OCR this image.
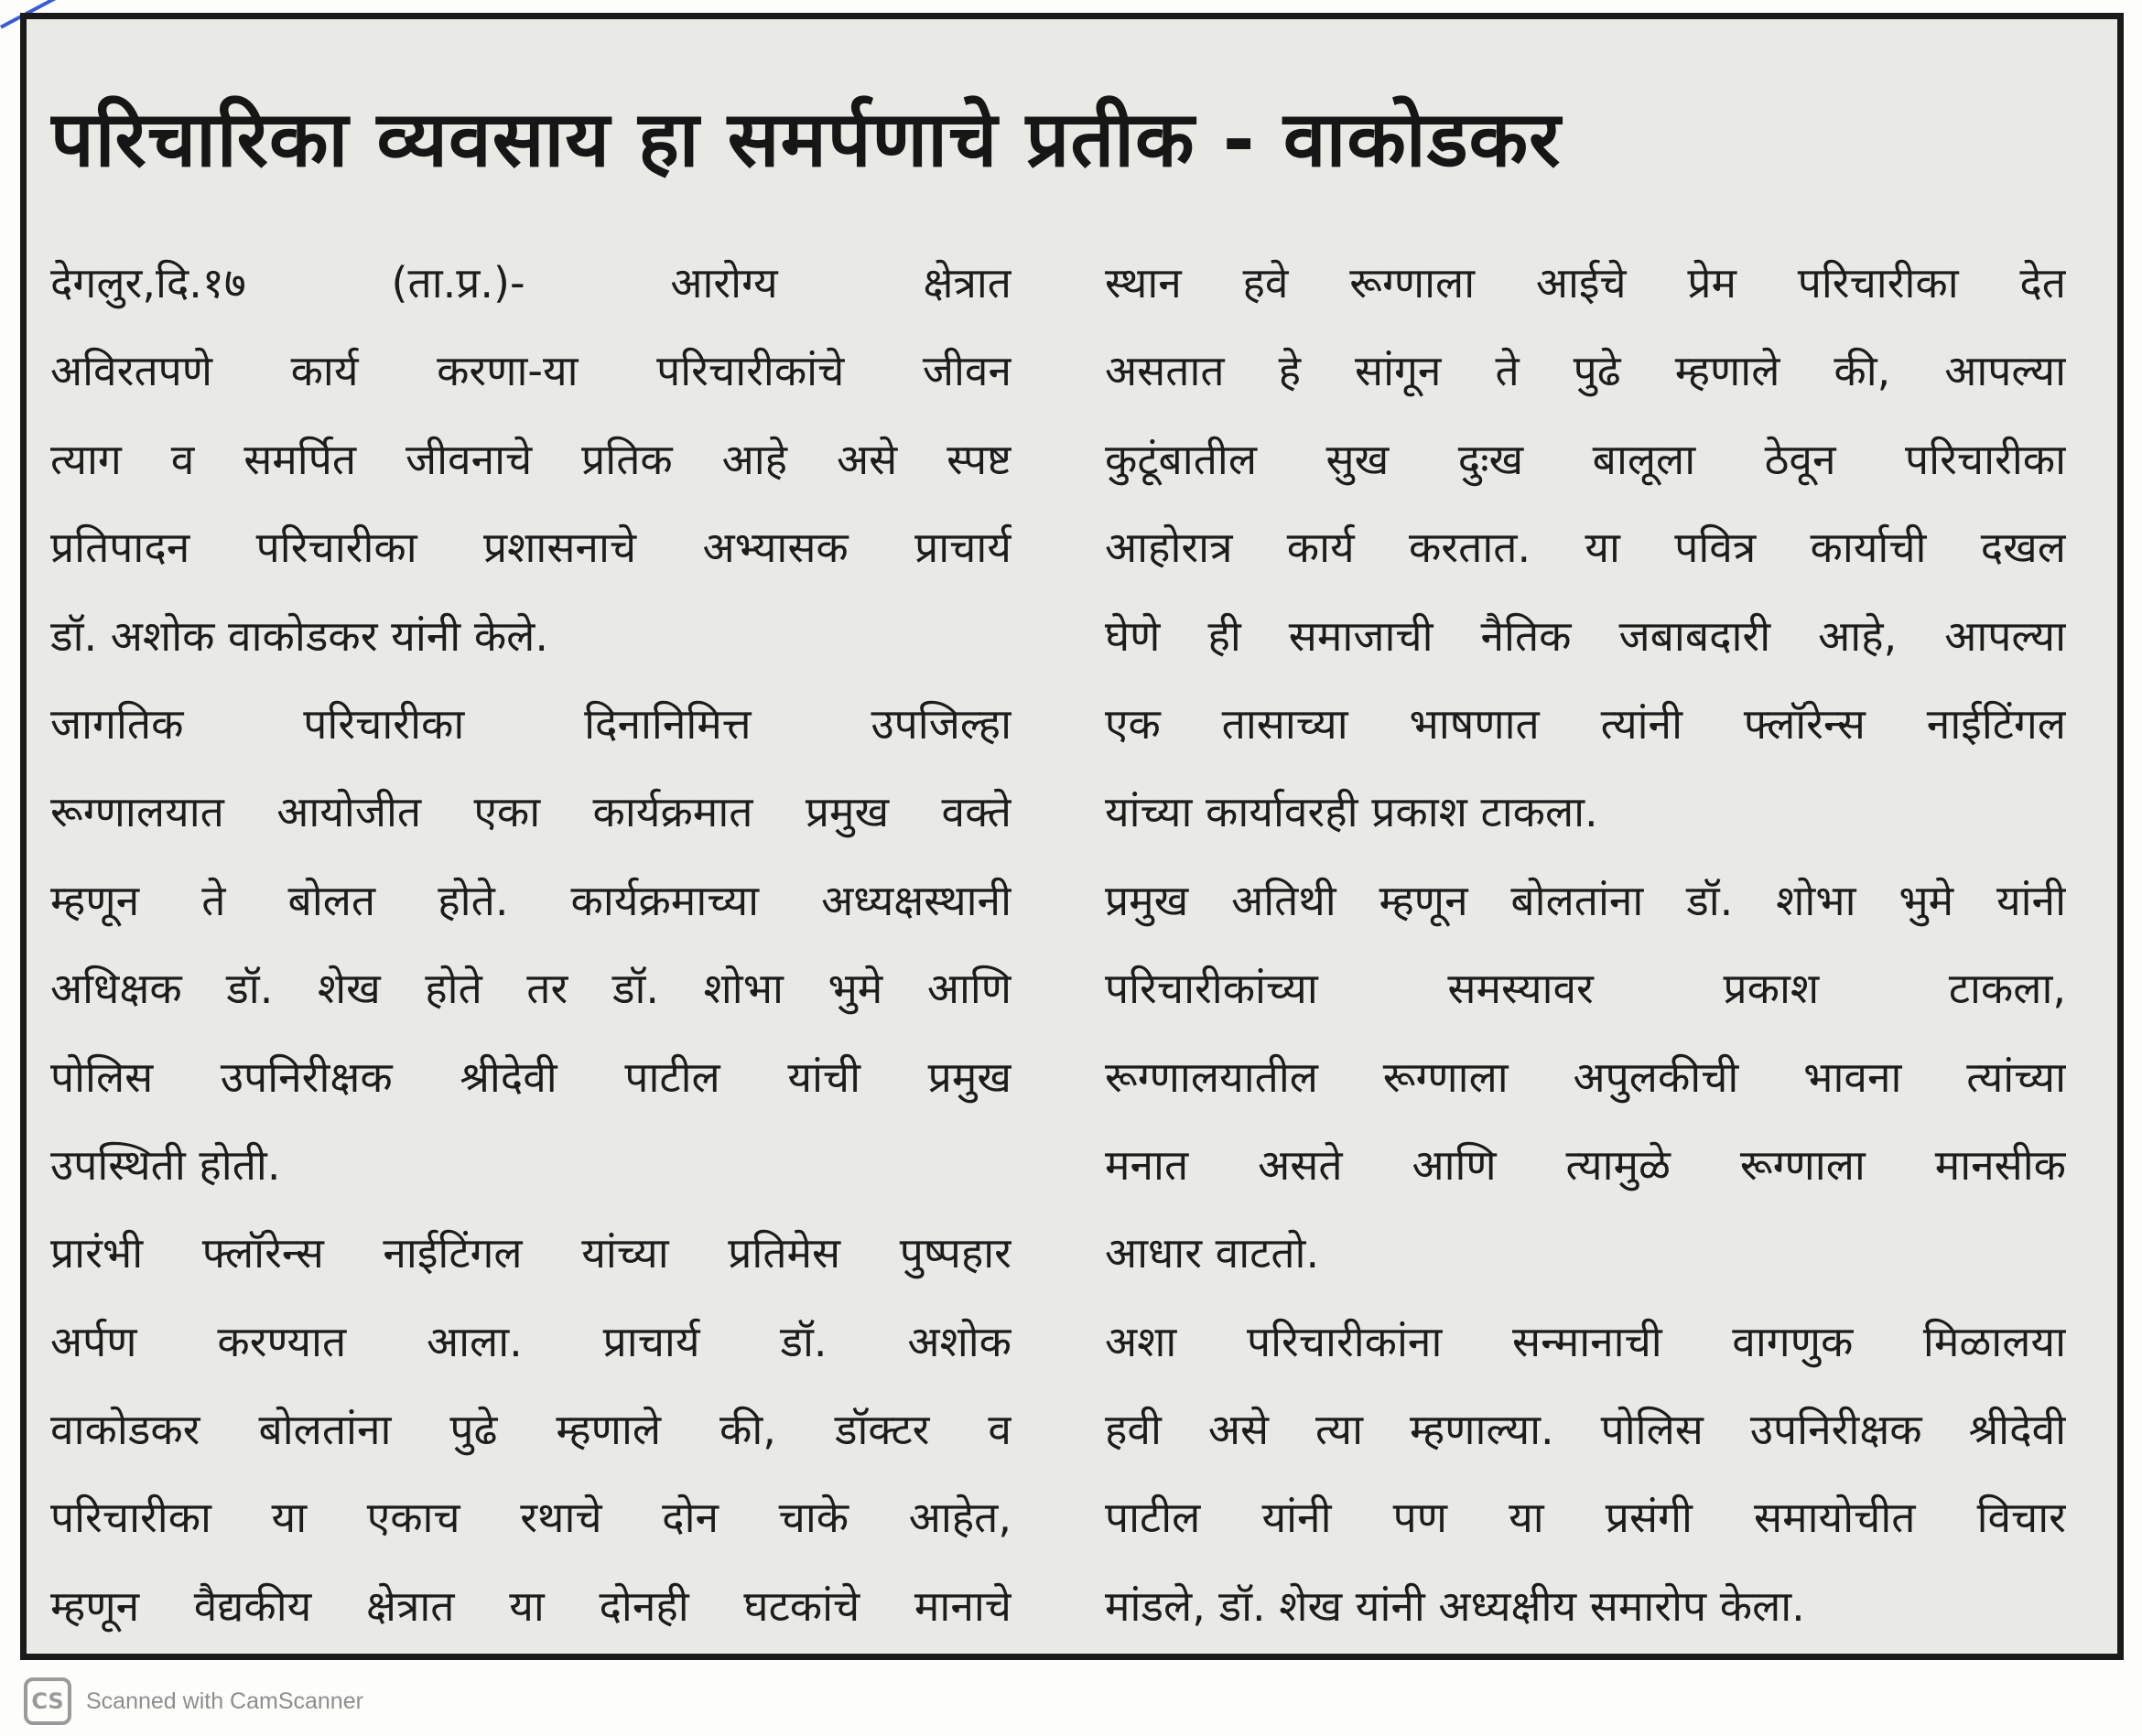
परिचारिका व्यवसाय हा समर्पणाचे प्रतीक - वाकोडकर
देगलुर,दि.१७ (ता.प्र.)- आरोग्य क्षेत्रात
अविरतपणे कार्य करणा-या परिचारीकांचे जीवन
त्याग व समर्पित जीवनाचे प्रतिक आहे असे स्पष्ट
प्रतिपादन परिचारीका प्रशासनाचे अभ्यासक प्राचार्य
डॉ. अशोक वाकोडकर यांनी केले.
जागतिक परिचारीका दिनानिमित्त उपजिल्हा
रूग्णालयात आयोजीत एका कार्यक्रमात प्रमुख वक्ते
म्हणून ते बोलत होते. कार्यक्रमाच्या अध्यक्षस्थानी
अधिक्षक डॉ. शेख होते तर डॉ. शोभा भुमे आणि
पोलिस उपनिरीक्षक श्रीदेवी पाटील यांची प्रमुख
उपस्थिती होती.
प्रारंभी फ्लॉरेन्स नाईटिंगल यांच्या प्रतिमेस पुष्पहार
अर्पण करण्यात आला. प्राचार्य डॉ. अशोक
वाकोडकर बोलतांना पुढे म्हणाले की, डॉक्टर व
परिचारीका या एकाच रथाचे दोन चाके आहेत,
म्हणून वैद्यकीय क्षेत्रात या दोनही घटकांचे मानाचे
स्थान हवे रूग्णाला आईचे प्रेम परिचारीका देत
असतात हे सांगून ते पुढे म्हणाले की, आपल्या
कुटूंबातील सुख दुःख बालूला ठेवून परिचारीका
आहोरात्र कार्य करतात. या पवित्र कार्याची दखल
घेणे ही समाजाची नैतिक जबाबदारी आहे, आपल्या
एक तासाच्या भाषणात त्यांनी फ्लॉरेन्स नाईटिंगल
यांच्या कार्यावरही प्रकाश टाकला.
प्रमुख अतिथी म्हणून बोलतांना डॉ. शोभा भुमे यांनी
परिचारीकांच्या समस्यावर प्रकाश टाकला,
रूग्णालयातील रूग्णाला अपुलकीची भावना त्यांच्या
मनात असते आणि त्यामुळे रूग्णाला मानसीक
आधार वाटतो.
अशा परिचारीकांना सन्मानाची वागणुक मिळालया
हवी असे त्या म्हणाल्या. पोलिस उपनिरीक्षक श्रीदेवी
पाटील यांनी पण या प्रसंगी समायोचीत विचार
मांडले, डॉ. शेख यांनी अध्यक्षीय समारोप केला.
CS Scanned with CamScanner
